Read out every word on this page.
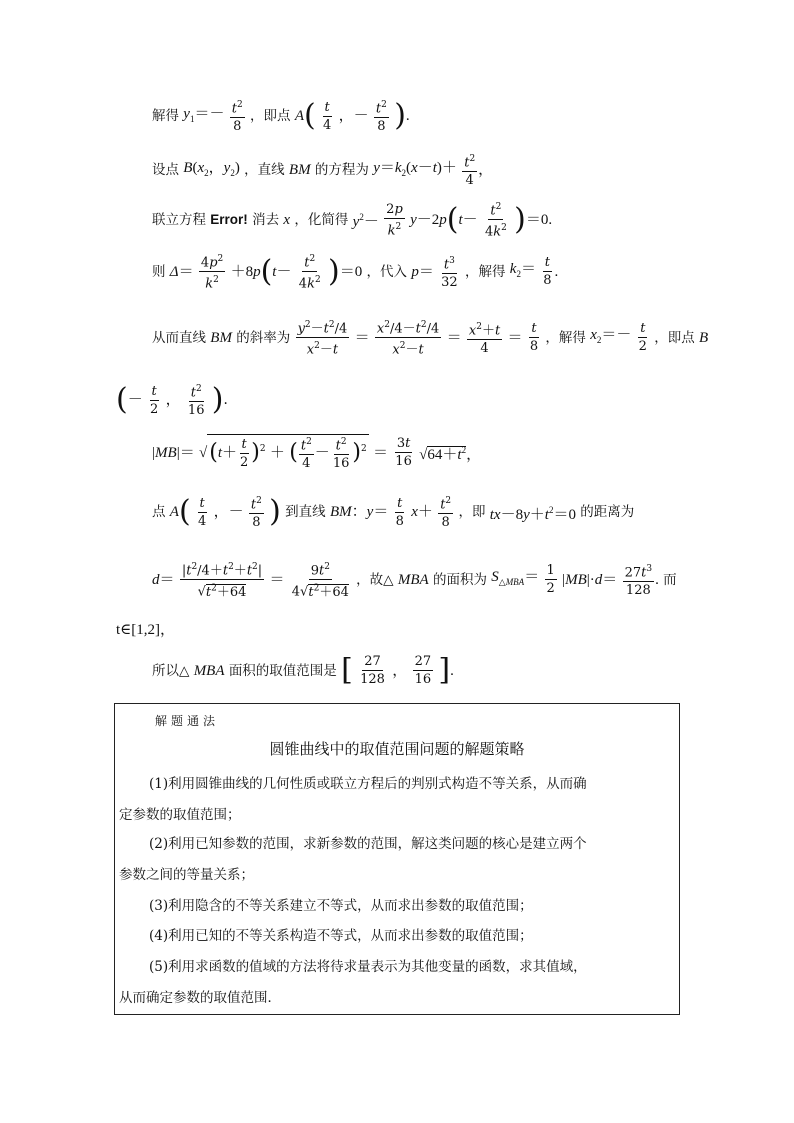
解得 $y_1=- \frac{t^2}{8}$ ，即点 $A( \frac{t}{4}$ ，－ $\frac{t^2}{8}$ ).
设点 $B(x_2$，$y_2$) ，直线 BM 的方程为 $y=k_2(x-t)+ \frac{t^2}{4}$ ，
联立方程 Error! 消去 x ，化简得 $y^2- \frac{2p}{k^2} y-2p(t- \frac{t^2}{4k^2} )=0$.
则 $\Delta= \frac{4p^2}{k^2} +8p(t- \frac{t^2}{4k^2} )=0$ ，代入 $p= \frac{t^3}{32}$ ，解得 $k_2= \frac{t}{8}$ .
从而直线 BM 的斜率为 $\frac{y^2-t^2/4}{x^2-t} = \frac{x^2/4-t^2/4}{x^2-t} = \frac{x^2+t}{4} = \frac{t}{8}$ ，解得 $x_2=- \frac{t}{2}$ ，即点 B
(－ $\frac{t}{2}$ ， $\frac{t^2}{16}$ ).
$|MB|= √(t+ \frac{t}{2} )^2$ ＋ ( $\frac{t^2}{4} - \frac{t^2}{16} )^2 = \frac{3t}{16} √64+t^2$，
点 $A( \frac{t}{4}$ ，－ $\frac{t^2}{8}$ ) 到直线 BM：$y= \frac{t}{8} x+ \frac{t^2}{8}$ ，即 $tx-8y+t^2=0$ 的距离为
$d= \frac{|t^2/4+t^2+t^2|}{√t^2+64} = \frac{9t^2}{4√t^2+64}$ ，故△ MBA 的面积为 $S_{\triangle MBA}= \frac{1}{2} |MB|\cdot d= \frac{27t^3}{128}$ . 而
t∈[1,2]，
所以△ MBA 面积的取值范围是 [ $\frac{27}{128}$ ， $\frac{27}{16}$ ].
解题通法
圆锥曲线中的取值范围问题的解题策略
(1)利用圆锥曲线的几何性质或联立方程后的判别式构造不等关系，从而确
定参数的取值范围；
(2)利用已知参数的范围，求新参数的范围，解这类问题的核心是建立两个
参数之间的等量关系；
(3)利用隐含的不等关系建立不等式，从而求出参数的取值范围；
(4)利用已知的不等关系构造不等式，从而求出参数的取值范围；
(5)利用求函数的值域的方法将待求量表示为其他变量的函数，求其值域，
从而确定参数的取值范围．
